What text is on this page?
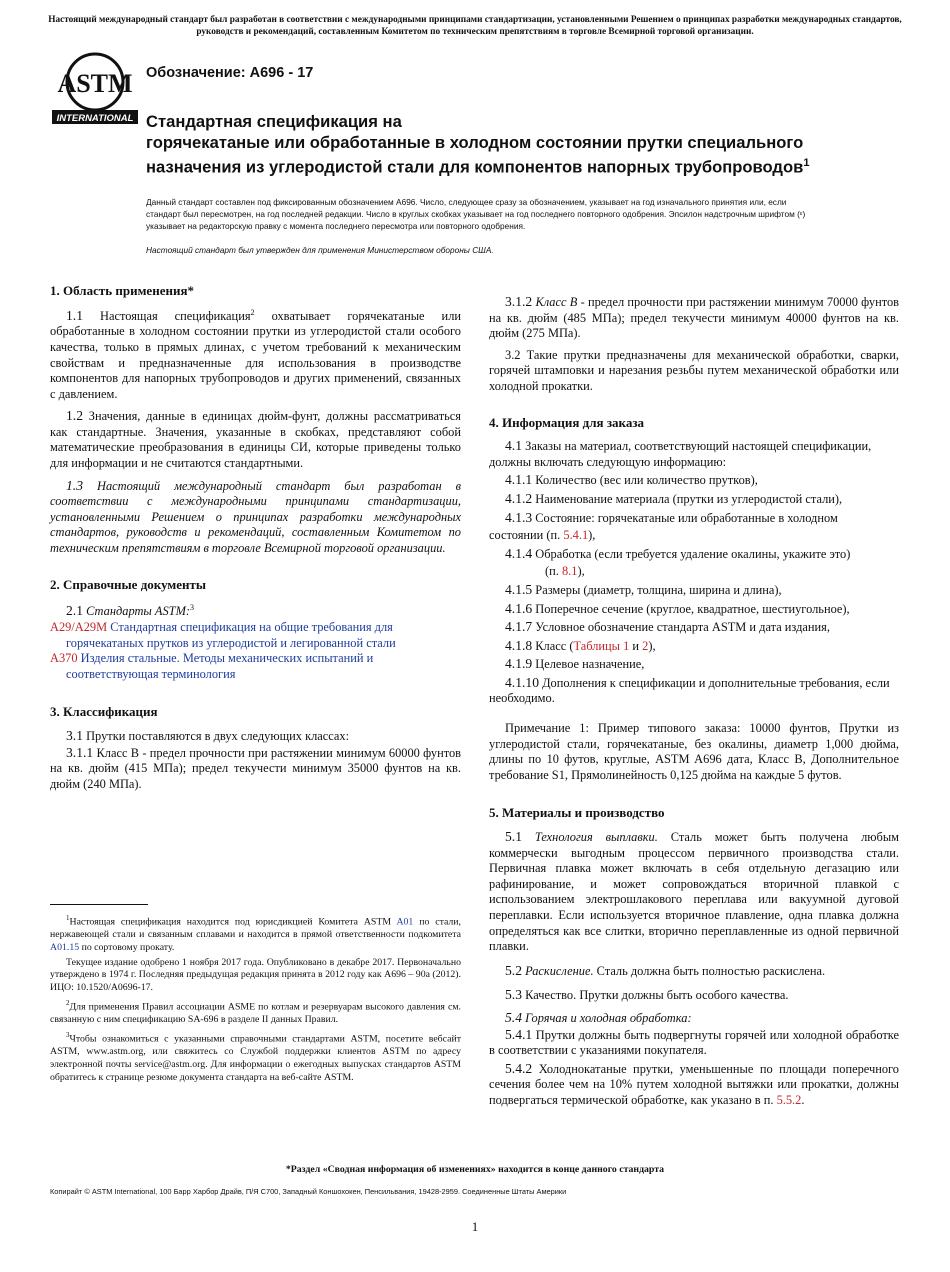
Настоящий международный стандарт был разработан в соответствии с международными принципами стандартизации, установленными Решением о принципах разработки международных стандартов, руководств и рекомендаций, составленным Комитетом по техническим препятствиям в торговле Всемирной торговой организации.
ASTM
INTERNATIONAL
Обозначение: A696 - 17
Стандартная спецификация на
горячекатаные или обработанные в холодном состоянии прутки специального
назначения из углеродистой стали для компонентов напорных трубопроводов$^1$
Данный стандарт составлен под фиксированным обозначением A696. Число, следующее сразу за обозначением, указывает на год изначального принятия или, если стандарт был пересмотрен, на год последней редакции. Число в круглых скобках указывает на год последнего повторного одобрения. Эпсилон надстрочным шрифтом (ᵋ) указывает на редакторскую правку с момента последнего пересмотра или повторного одобрения.
Настоящий стандарт был утвержден для применения Министерством обороны США.

1. Область применения*

1.1 Настоящая спецификация$^2$ охватывает горячекатаные или обработанные в холодном состоянии прутки из углеродистой стали особого качества, только в прямых длинах, с учетом требований к механическим свойствам и предназначенные для использования в производстве компонентов для напорных трубопроводов и других применений, связанных с давлением.

1.2 Значения, данные в единицах дюйм-фунт, должны рассматриваться как стандартные. Значения, указанные в скобках, представляют собой математические преобразования в единицы СИ, которые приведены только для информации и не считаются стандартными.

1.3 Настоящий международный стандарт был разработан в соответствии с международными принципами стандартизации, установленными Решением о принципах разработки международных стандартов, руководств и рекомендаций, составленным Комитетом по техническим препятствиям в торговле Всемирной торговой организации.

2. Справочные документы

2.1 Стандарты ASTM:$^3$

A29/A29M Стандартная спецификация на общие требования для горячекатаных прутков из углеродистой и легированной стали

A370 Изделия стальные. Методы механических испытаний и соответствующая терминология

3. Классификация

3.1 Прутки поставляются в двух следующих классах:

3.1.1 Класс B - предел прочности при растяжении минимум 60000 фунтов на кв. дюйм (415 МПа); предел текучести минимум 35000 фунтов на кв. дюйм (240 МПа).

$^1$Настоящая спецификация находится под юрисдикцией Комитета ASTM A01 по стали, нержавеющей стали и связанным сплавами и находится в прямой ответственности подкомитета A01.15 по сортовому прокату.

Текущее издание одобрено 1 ноября 2017 года. Опубликовано в декабре 2017. Первоначально утверждено в 1974 г. Последняя предыдущая редакция принята в 2012 году как A696 – 90a (2012). ИЦО: 10.1520/A0696-17.

$^2$Для применения Правил ассоциации ASME по котлам и резервуарам высокого давления см. связанную с ним спецификацию SA-696 в разделе II данных Правил.

$^3$Чтобы ознакомиться с указанными справочными стандартами ASTM, посетите вебсайт ASTM, www.astm.org, или свяжитесь со Службой поддержки клиентов ASTM по адресу электронной почты service@astm.org. Для информации о ежегодных выпусках стандартов ASTM обратитесь к странице резюме документа стандарта на веб-сайте ASTM.

3.1.2 Класс B - предел прочности при растяжении минимум 70000 фунтов на кв. дюйм (485 МПа); предел текучести минимум 40000 фунтов на кв. дюйм (275 МПа).

3.2 Такие прутки предназначены для механической обработки, сварки, горячей штамповки и нарезания резьбы путем механической обработки или холодной прокатки.

4. Информация для заказа

4.1 Заказы на материал, соответствующий настоящей спецификации, должны включать следующую информацию:

4.1.1 Количество (вес или количество прутков),

4.1.2 Наименование материала (прутки из углеродистой стали),

4.1.3 Состояние: горячекатаные или обработанные в холодном

состоянии (п. 5.4.1),

4.1.4 Обработка (если требуется удаление окалины, укажите это)

(п. 8.1),

4.1.5 Размеры (диаметр, толщина, ширина и длина),

4.1.6 Поперечное сечение (круглое, квадратное, шестиугольное),

4.1.7 Условное обозначение стандарта ASTM и дата издания,

4.1.8 Класс (Таблицы 1 и 2),

4.1.9 Целевое назначение,

4.1.10 Дополнения к спецификации и дополнительные требования, если необходимо.

Примечание 1: Пример типового заказа: 10000 фунтов, Прутки из углеродистой стали, горячекатаные, без окалины, диаметр 1,000 дюйма, длины по 10 футов, круглые, ASTM A696 дата, Класс B, Дополнительное требование S1, Прямолинейность 0,125 дюйма на каждые 5 футов.

5. Материалы и производство

5.1 Технология выплавки. Сталь может быть получена любым коммерчески выгодным процессом первичного производства стали. Первичная плавка может включать в себя отдельную дегазацию или рафинирование, и может сопровождаться вторичной плавкой с использованием электрошлакового переплава или вакуумной дуговой переплавки. Если используется вторичное плавление, одна плавка должна определяться как все слитки, вторично переплавленные из одной первичной плавки.

5.2 Раскисление. Сталь должна быть полностью раскислена.

5.3 Качество. Прутки должны быть особого качества.

5.4 Горячая и холодная обработка:

5.4.1 Прутки должны быть подвергнуты горячей или холодной обработке в соответствии с указаниями покупателя.

5.4.2 Холоднокатаные прутки, уменьшенные по площади поперечного сечения более чем на 10% путем холодной вытяжки или прокатки, должны подвергаться термической обработке, как указано в п. 5.5.2.

*Раздел «Сводная информация об изменениях» находится в конце данного стандарта
Копирайт © ASTM International, 100 Барр Харбор Драйв, П/Я C700, Западный Коншохокен, Пенсильвания, 19428-2959. Соединенные Штаты Америки
1
